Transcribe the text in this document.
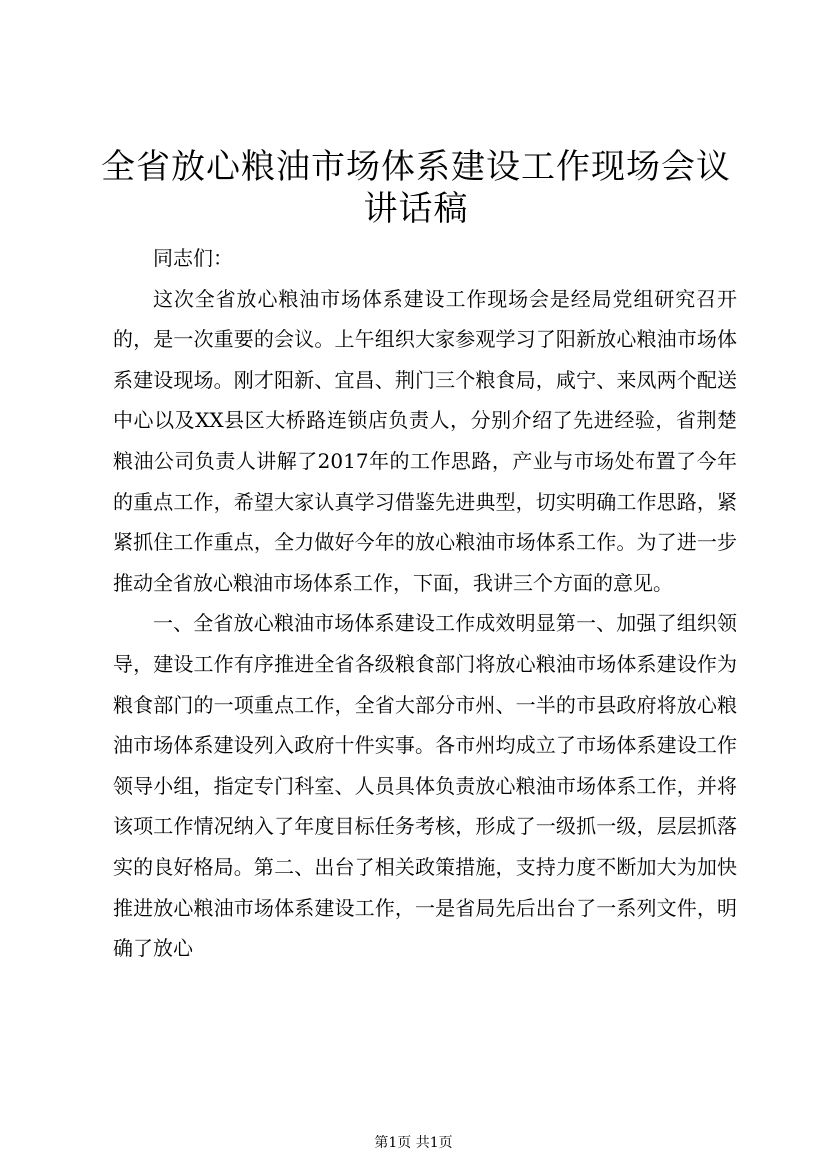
全省放心粮油市场体系建设工作现场会议讲话稿

同志们：

这次全省放心粮油市场体系建设工作现场会是经局党组研究召开的，是一次重要的会议。上午组织大家参观学习了阳新放心粮油市场体系建设现场。刚才阳新、宜昌、荆门三个粮食局，咸宁、来凤两个配送中心以及XX县区大桥路连锁店负责人，分别介绍了先进经验，省荆楚粮油公司负责人讲解了2017年的工作思路，产业与市场处布置了今年的重点工作，希望大家认真学习借鉴先进典型，切实明确工作思路，紧紧抓住工作重点，全力做好今年的放心粮油市场体系工作。为了进一步推动全省放心粮油市场体系工作，下面，我讲三个方面的意见。

一、全省放心粮油市场体系建设工作成效明显第一、加强了组织领导，建设工作有序推进全省各级粮食部门将放心粮油市场体系建设作为粮食部门的一项重点工作，全省大部分市州、一半的市县政府将放心粮油市场体系建设列入政府十件实事。各市州均成立了市场体系建设工作领导小组，指定专门科室、人员具体负责放心粮油市场体系工作，并将该项工作情况纳入了年度目标任务考核，形成了一级抓一级，层层抓落实的良好格局。第二、出台了相关政策措施，支持力度不断加大为加快推进放心粮油市场体系建设工作，一是省局先后出台了一系列文件，明确了放心

第1页 共1页
